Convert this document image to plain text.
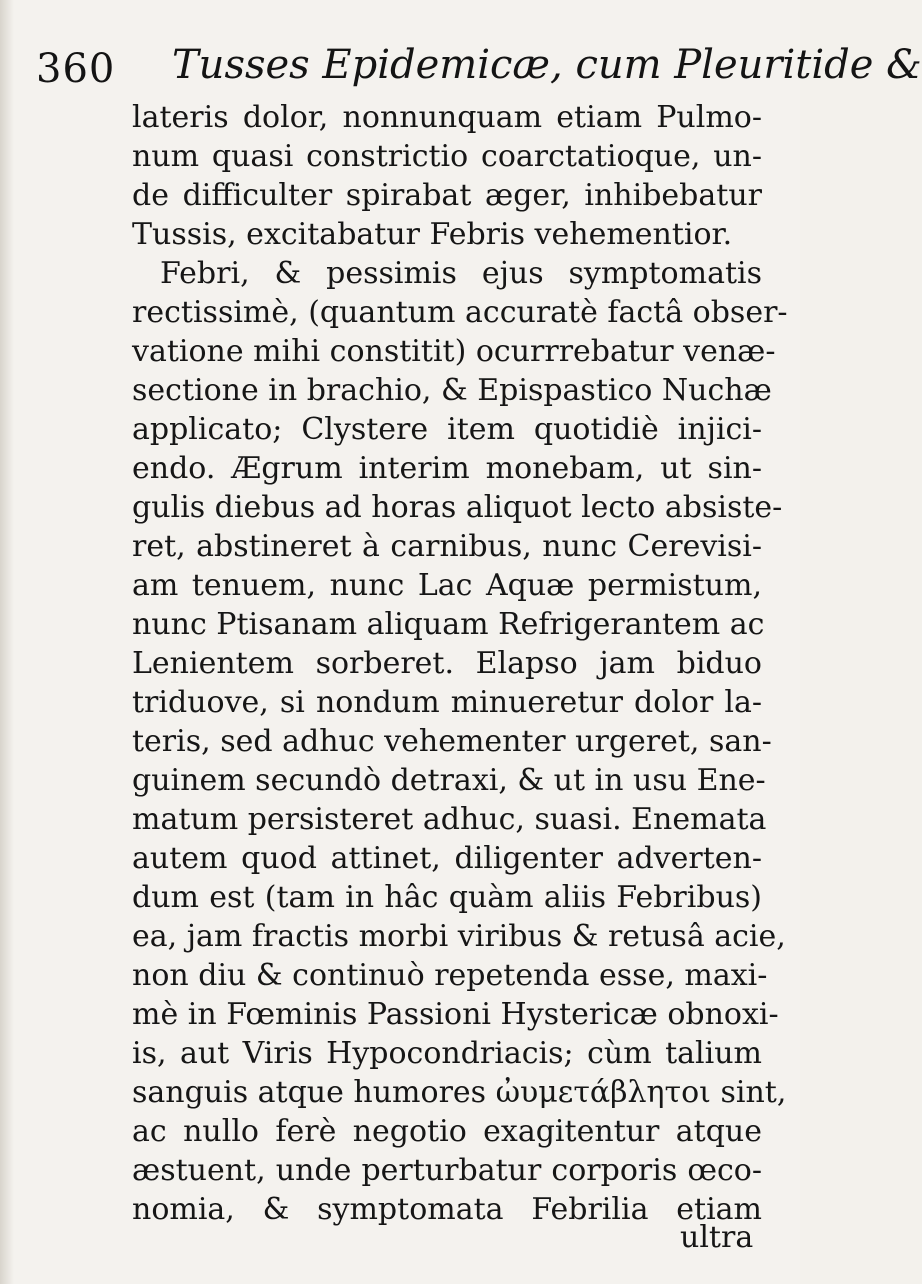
360 Tusses Epidemicæ, cum Pleuritide &
lateris dolor, nonnunquam etiam Pulmo-
num quasi constrictio coarctatioque, un-
de difficulter spirabat æger, inhibebatur
Tussis, excitabatur Febris vehementior.
Febri, & pessimis ejus symptomatis
rectissimè, (quantum accuratè factâ obser-
vatione mihi constitit) ocurrrebatur venæ-
sectione in brachio, & Epispastico Nuchæ
applicato; Clystere item quotidiè injici-
endo. Ægrum interim monebam, ut sin-
gulis diebus ad horas aliquot lecto absiste-
ret, abstineret à carnibus, nunc Cerevisi-
am tenuem, nunc Lac Aquæ permistum,
nunc Ptisanam aliquam Refrigerantem ac
Lenientem sorberet. Elapso jam biduo
triduove, si nondum minueretur dolor la-
teris, sed adhuc vehementer urgeret, san-
guinem secundò detraxi, & ut in usu Ene-
matum persisteret adhuc, suasi. Enemata
autem quod attinet, diligenter adverten-
dum est (tam in hâc quàm aliis Febribus)
ea, jam fractis morbi viribus & retusâ acie,
non diu & continuò repetenda esse, maxi-
mè in Fœminis Passioni Hystericæ obnoxi-
is, aut Viris Hypocondriacis; cùm talium
sanguis atque humores ὠυμετάβλητοι sint,
ac nullo ferè negotio exagitentur atque
æstuent, unde perturbatur corporis œco-
nomia, & symptomata Febrilia etiam
ultra
